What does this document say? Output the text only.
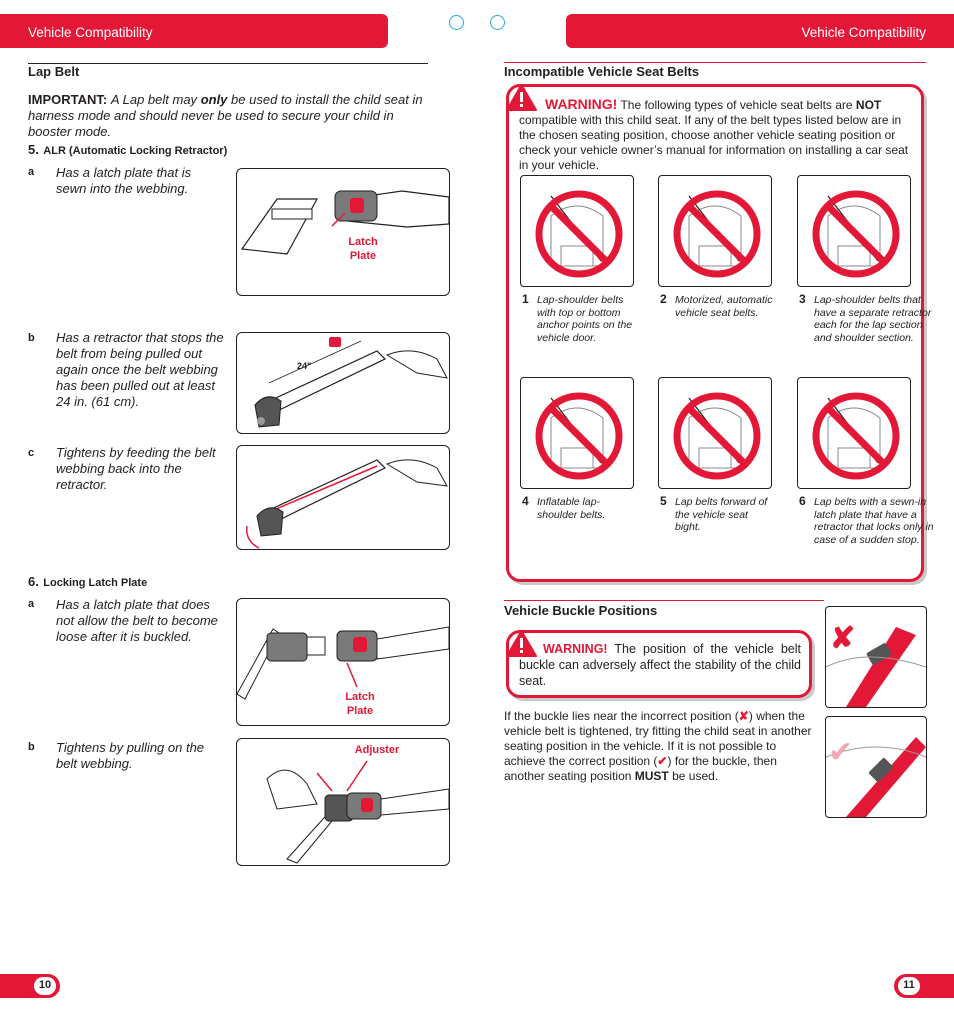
Vehicle Compatibility	Vehicle Compatibility
Lap Belt
IMPORTANT: A Lap belt may only be used to install the child seat in harness mode and should never be used to secure your child in booster mode.
5. ALR (Automatic Locking Retractor)
a Has a latch plate that is sewn into the webbing.
Latch Plate
b Has a retractor that stops the belt from being pulled out again once the belt webbing has been pulled out at least 24 in. (61 cm).
24"
c Tightens by feeding the belt webbing back into the retractor.
6. Locking Latch Plate
a Has a latch plate that does not allow the belt to become loose after it is buckled.
Latch Plate
b Tightens by pulling on the belt webbing.
Adjuster
Incompatible Vehicle Seat Belts
WARNING! The following types of vehicle seat belts are NOT compatible with this child seat. If any of the belt types listed below are in the chosen seating position, choose another vehicle seating position or check your vehicle owner’s manual for information on installing a car seat in your vehicle.
1 Lap-shoulder belts with top or bottom anchor points on the vehicle door.
2 Motorized, automatic vehicle seat belts.
3 Lap-shoulder belts that have a separate retractor each for the lap section and shoulder section.
4 Inflatable lap-shoulder belts.
5 Lap belts forward of the vehicle seat bight.
6 Lap belts with a sewn-in latch plate that have a retractor that locks only in case of a sudden stop.
Vehicle Buckle Positions
WARNING! The position of the vehicle belt buckle can adversely affect the stability of the child seat.
If the buckle lies near the incorrect position (✘) when the vehicle belt is tightened, try fitting the child seat in another seating position in the vehicle. If it is not possible to achieve the correct position (✔) for the buckle, then another seating position MUST be used.
✘
✔
10	11
